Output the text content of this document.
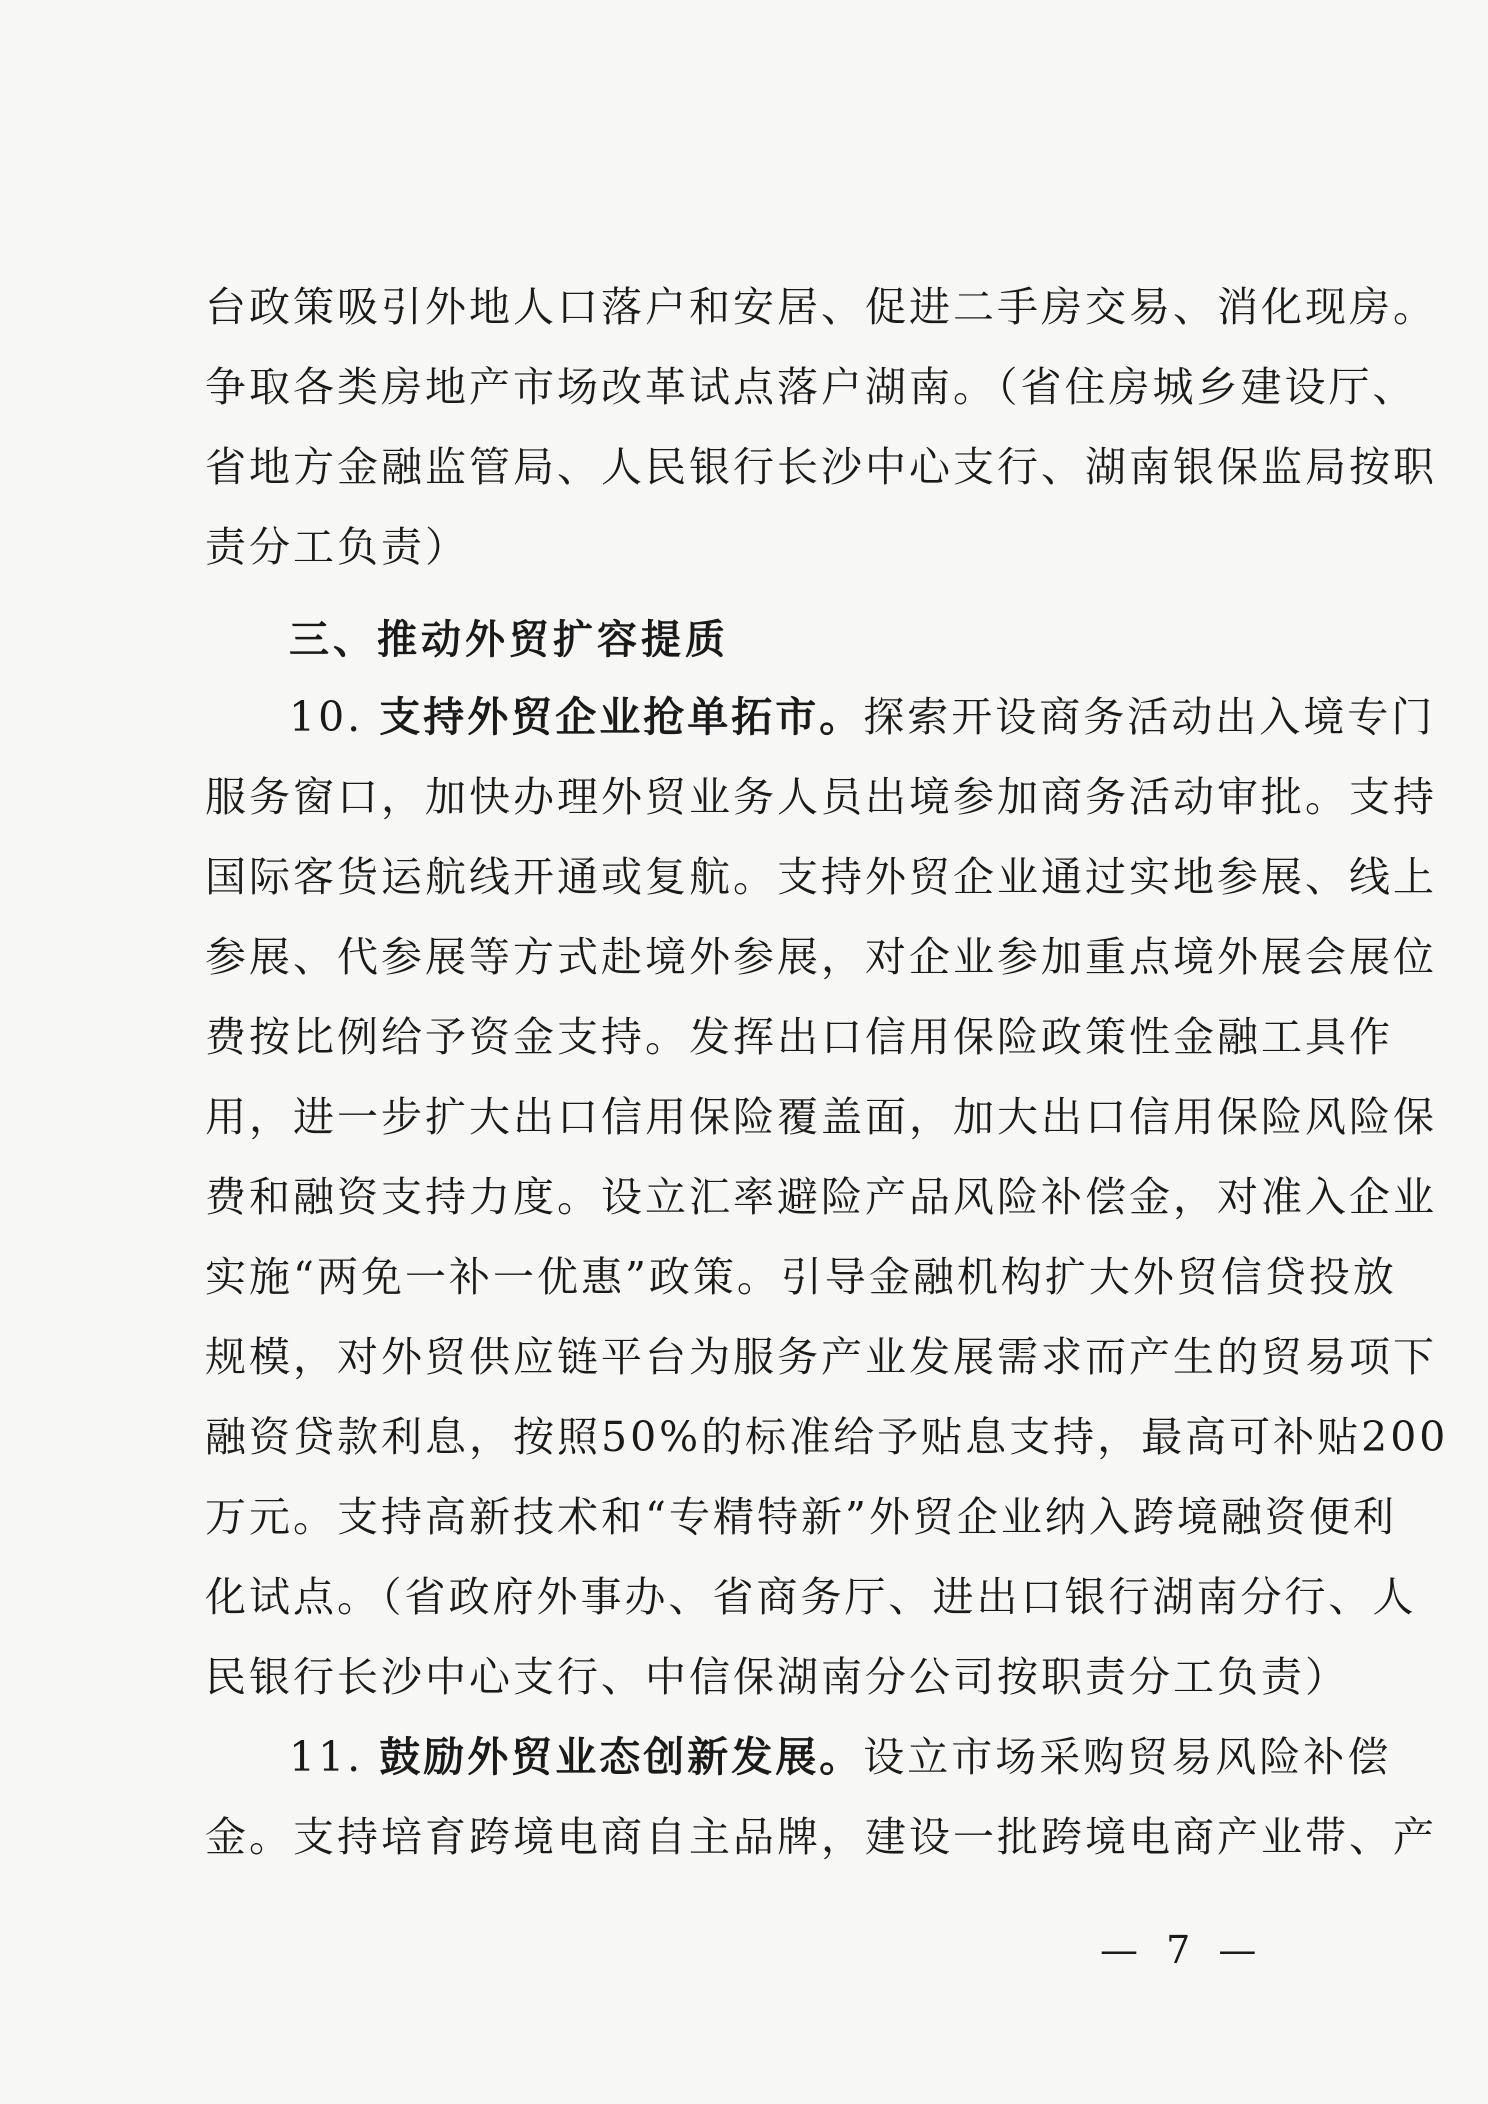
台政策吸引外地人口落户和安居、促进二手房交易、消化现房。
争取各类房地产市场改革试点落户湖南。（省住房城乡建设厅、
省地方金融监管局、人民银行长沙中心支行、湖南银保监局按职
责分工负责）
三、推动外贸扩容提质
10. 支持外贸企业抢单拓市。 探索开设商务活动出入境专门
服务窗口，加快办理外贸业务人员出境参加商务活动审批。支持
国际客货运航线开通或复航。支持外贸企业通过实地参展、线上
参展、代参展等方式赴境外参展，对企业参加重点境外展会展位
费按比例给予资金支持。发挥出口信用保险政策性金融工具作
用，进一步扩大出口信用保险覆盖面，加大出口信用保险风险保
费和融资支持力度。设立汇率避险产品风险补偿金，对准入企业
实施“两免一补一优惠”政策。引导金融机构扩大外贸信贷投放
规模，对外贸供应链平台为服务产业发展需求而产生的贸易项下
融资贷款利息，按照50%的标准给予贴息支持，最高可补贴200
万元。支持高新技术和“专精特新”外贸企业纳入跨境融资便利
化试点。（省政府外事办、省商务厅、进出口银行湖南分行、人
民银行长沙中心支行、中信保湖南分公司按职责分工负责）
11. 鼓励外贸业态创新发展。 设立市场采购贸易风险补偿
金。支持培育跨境电商自主品牌，建设一批跨境电商产业带、产
— 7 —
